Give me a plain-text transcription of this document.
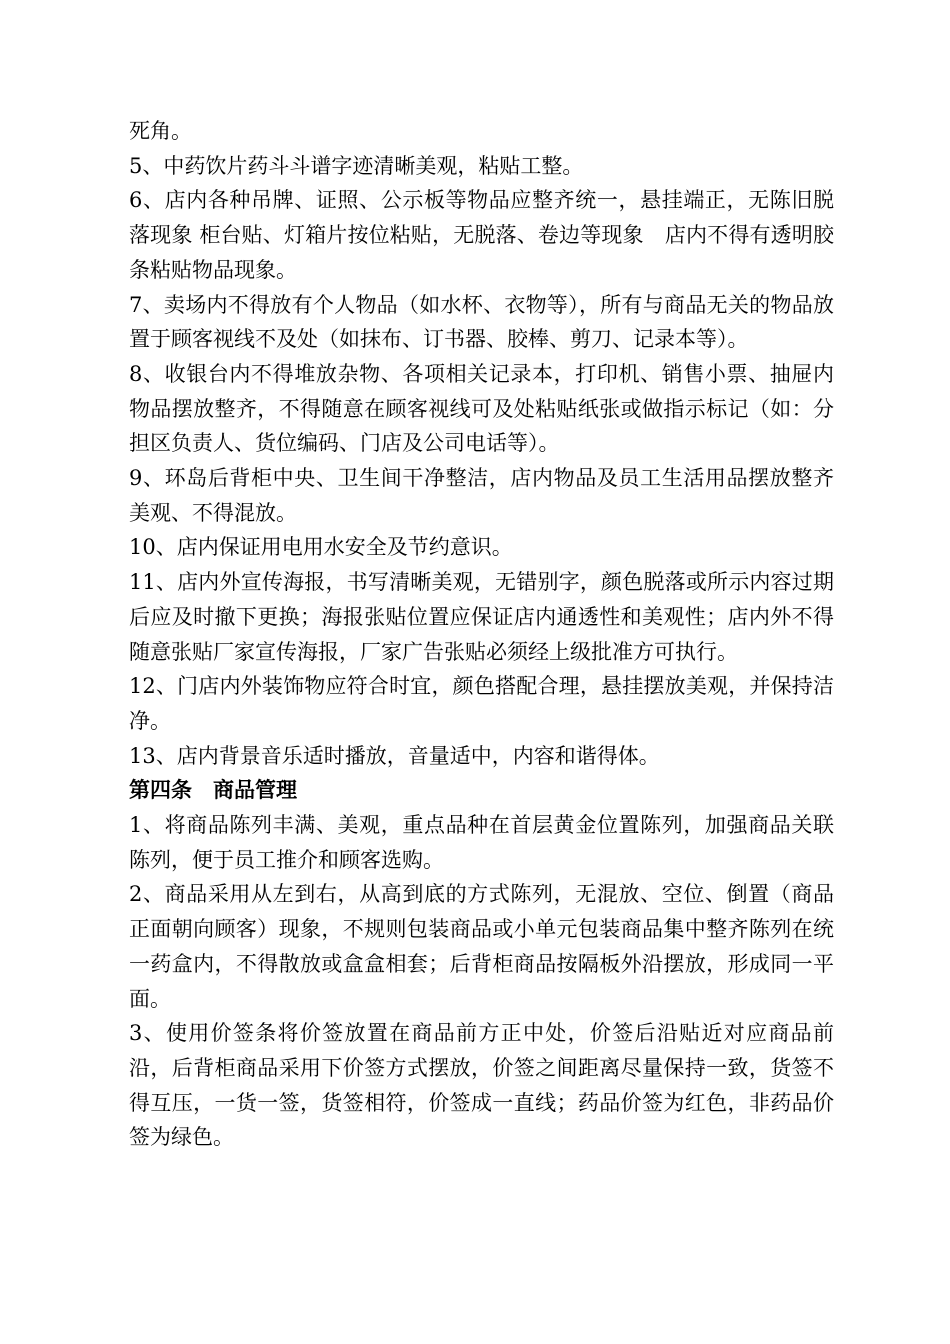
死角。

5、中药饮片药斗斗谱字迹清晰美观，粘贴工整。

6、店内各种吊牌、证照、公示板等物品应整齐统一，悬挂端正，无陈旧脱落现象 柜台贴、灯箱片按位粘贴，无脱落、卷边等现象　店内不得有透明胶条粘贴物品现象。

7、卖场内不得放有个人物品（如水杯、衣物等），所有与商品无关的物品放置于顾客视线不及处（如抹布、订书器、胶棒、剪刀、记录本等）。

8、收银台内不得堆放杂物、各项相关记录本，打印机、销售小票、抽屉内物品摆放整齐，不得随意在顾客视线可及处粘贴纸张或做指示标记（如：分担区负责人、货位编码、门店及公司电话等）。

9、环岛后背柜中央、卫生间干净整洁，店内物品及员工生活用品摆放整齐美观、不得混放。

10、店内保证用电用水安全及节约意识。

11、店内外宣传海报，书写清晰美观，无错别字，颜色脱落或所示内容过期后应及时撤下更换；海报张贴位置应保证店内通透性和美观性；店内外不得随意张贴厂家宣传海报，厂家广告张贴必须经上级批准方可执行。

12、门店内外装饰物应符合时宜，颜色搭配合理，悬挂摆放美观，并保持洁净。

13、店内背景音乐适时播放，音量适中，内容和谐得体。

第四条　商品管理

1、将商品陈列丰满、美观，重点品种在首层黄金位置陈列，加强商品关联陈列，便于员工推介和顾客选购。

2、商品采用从左到右，从高到底的方式陈列，无混放、空位、倒置（商品正面朝向顾客）现象，不规则包装商品或小单元包装商品集中整齐陈列在统一药盒内，不得散放或盒盒相套；后背柜商品按隔板外沿摆放，形成同一平面。

3、使用价签条将价签放置在商品前方正中处，价签后沿贴近对应商品前沿，后背柜商品采用下价签方式摆放，价签之间距离尽量保持一致，货签不得互压，一货一签，货签相符，价签成一直线；药品价签为红色，非药品价签为绿色。
